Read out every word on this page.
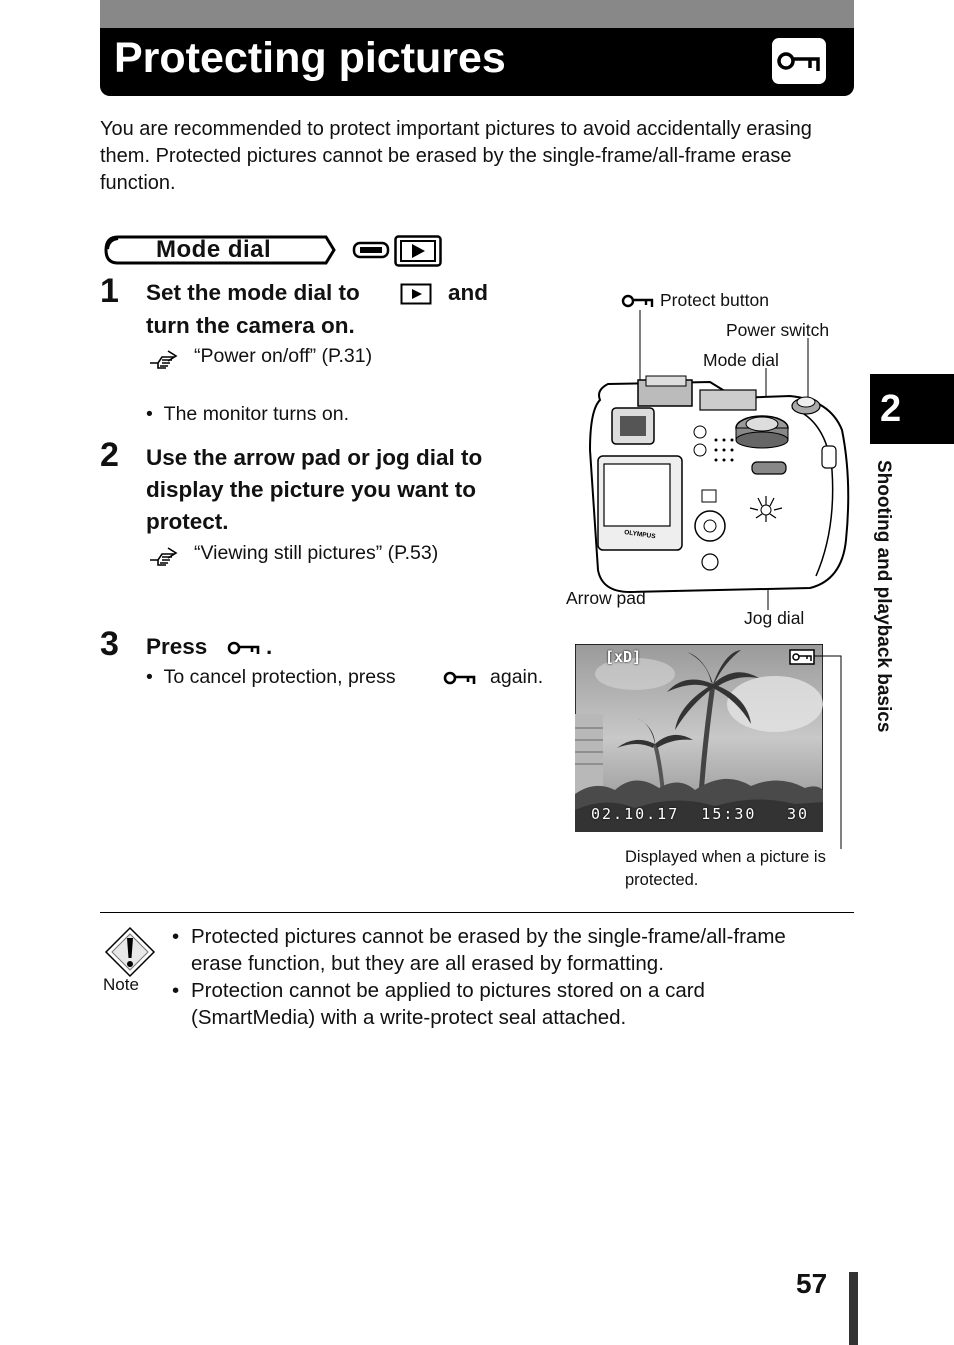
Protecting pictures

You are recommended to protect important pictures to avoid accidentally erasing them. Protected pictures cannot be erased by the single-frame/all-frame erase function.

Mode dial
1 Set the mode dial to	and
turn the camera on.
“Power on/off” (P.31)
•  The monitor turns on.
2 Use the arrow pad or jog dial to
display the picture you want to
protect.
“Viewing still pictures” (P.53)
3 Press	.
•  To cancel protection, press	again.
OLYMPUS
Protect button
Power switch
Mode dial
Arrow pad
Jog dial
[xD]
02.10.17  15:30 30
Displayed when a picture is
protected.
Note
• Protected pictures cannot be erased by the single-frame/all-frame
erase function, but they are all erased by formatting.
• Protection cannot be applied to pictures stored on a card
(SmartMedia) with a write-protect seal attached.
2
Shooting and playback basics
57
